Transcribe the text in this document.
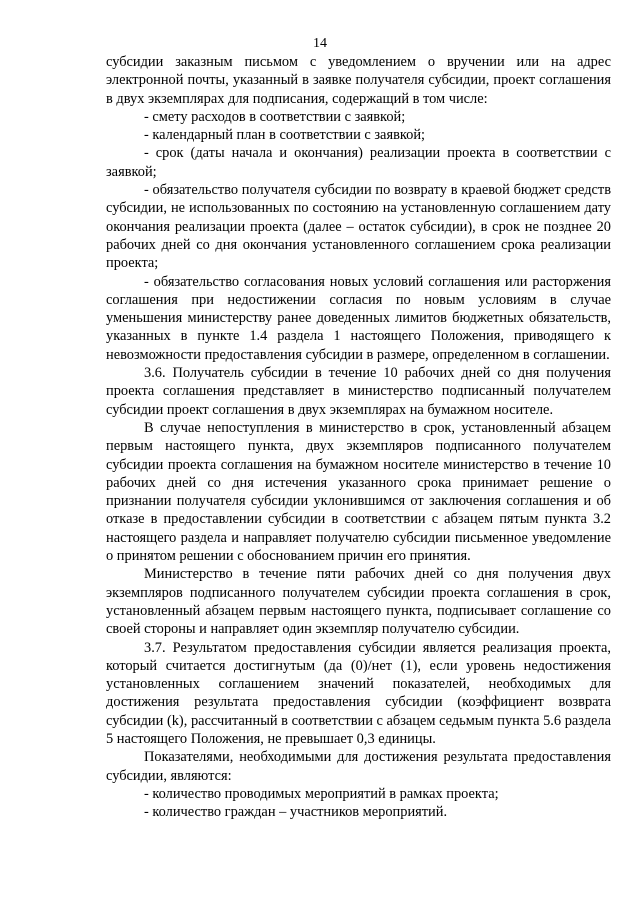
14

субсидии заказным письмом с уведомлением о вручении или на адрес электронной почты, указанный в заявке получателя субсидии, проект соглашения в двух экземплярах для подписания, содержащий в том числе:

- смету расходов в соответствии с заявкой;

- календарный план в соответствии с заявкой;

- срок (даты начала и окончания) реализации проекта в соответствии с заявкой;

- обязательство получателя субсидии по возврату в краевой бюджет средств субсидии, не использованных по состоянию на установленную соглашением дату окончания реализации проекта (далее – остаток субсидии), в срок не позднее 20 рабочих дней со дня окончания установленного соглашением срока реализации проекта;

- обязательство согласования новых условий соглашения или расторжения соглашения при недостижении согласия по новым условиям в случае уменьшения министерству ранее доведенных лимитов бюджетных обязательств, указанных в пункте 1.4 раздела 1 настоящего Положения, приводящего к невозможности предоставления субсидии в размере, определенном в соглашении.

3.6. Получатель субсидии в течение 10 рабочих дней со дня получения проекта соглашения представляет в министерство подписанный получателем субсидии проект соглашения в двух экземплярах на бумажном носителе.

В случае непоступления в министерство в срок, установленный абзацем первым настоящего пункта, двух экземпляров подписанного получателем субсидии проекта соглашения на бумажном носителе министерство в течение 10 рабочих дней со дня истечения указанного срока принимает решение о признании получателя субсидии уклонившимся от заключения соглашения и об отказе в предоставлении субсидии в соответствии с абзацем пятым пункта 3.2 настоящего раздела и направляет получателю субсидии письменное уведомление о принятом решении с обоснованием причин его принятия.

Министерство в течение пяти рабочих дней со дня получения двух экземпляров подписанного получателем субсидии проекта соглашения в срок, установленный абзацем первым настоящего пункта, подписывает соглашение со своей стороны и направляет один экземпляр получателю субсидии.

3.7. Результатом предоставления субсидии является реализация проекта, который считается достигнутым (да (0)/нет (1), если уровень недостижения установленных соглашением значений показателей, необходимых для достижения результата предоставления субсидии (коэффициент возврата субсидии (k), рассчитанный в соответствии с абзацем седьмым пункта 5.6 раздела 5 настоящего Положения, не превышает 0,3 единицы.

Показателями, необходимыми для достижения результата предоставления субсидии, являются:

- количество проводимых мероприятий в рамках проекта;

- количество граждан – участников мероприятий.
